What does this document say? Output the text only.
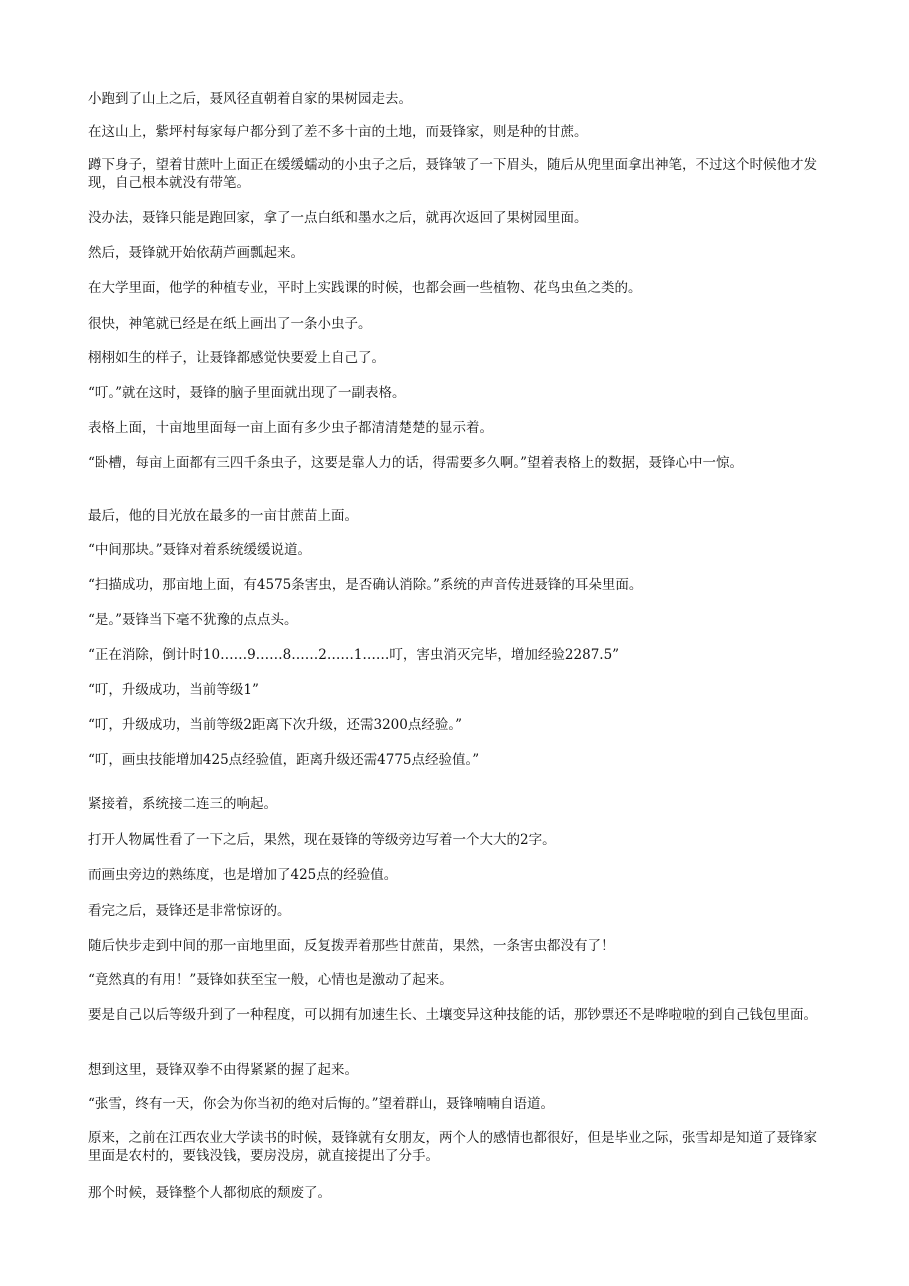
小跑到了山上之后，聂风径直朝着自家的果树园走去。

在这山上，紫坪村每家每户都分到了差不多十亩的土地，而聂锋家，则是种的甘蔗。

蹲下身子，望着甘蔗叶上面正在缓缓蠕动的小虫子之后，聂锋皱了一下眉头，随后从兜里面拿出神笔，不过这个时候他才发现，自己根本就没有带笔。

没办法，聂锋只能是跑回家，拿了一点白纸和墨水之后，就再次返回了果树园里面。

然后，聂锋就开始依葫芦画瓢起来。

在大学里面，他学的种植专业，平时上实践课的时候，也都会画一些植物、花鸟虫鱼之类的。

很快，神笔就已经是在纸上画出了一条小虫子。

栩栩如生的样子，让聂锋都感觉快要爱上自己了。

“叮。”就在这时，聂锋的脑子里面就出现了一副表格。

表格上面，十亩地里面每一亩上面有多少虫子都清清楚楚的显示着。

“卧槽，每亩上面都有三四千条虫子，这要是靠人力的话，得需要多久啊。”望着表格上的数据，聂锋心中一惊。

最后，他的目光放在最多的一亩甘蔗苗上面。

“中间那块。”聂锋对着系统缓缓说道。

“扫描成功，那亩地上面，有4575条害虫，是否确认消除。”系统的声音传进聂锋的耳朵里面。

“是。”聂锋当下毫不犹豫的点点头。

“正在消除，倒计时10……9……8……2……1……叮，害虫消灭完毕，增加经验2287.5”

“叮，升级成功，当前等级1”

“叮，升级成功，当前等级2距离下次升级，还需3200点经验。”

“叮，画虫技能增加425点经验值，距离升级还需4775点经验值。”

紧接着，系统接二连三的响起。

打开人物属性看了一下之后，果然，现在聂锋的等级旁边写着一个大大的2字。

而画虫旁边的熟练度，也是增加了425点的经验值。

看完之后，聂锋还是非常惊讶的。

随后快步走到中间的那一亩地里面，反复拨弄着那些甘蔗苗，果然，一条害虫都没有了！

“竟然真的有用！”聂锋如获至宝一般，心情也是激动了起来。

要是自己以后等级升到了一种程度，可以拥有加速生长、土壤变异这种技能的话，那钞票还不是哗啦啦的到自己钱包里面。

想到这里，聂锋双拳不由得紧紧的握了起来。

“张雪，终有一天，你会为你当初的绝对后悔的。”望着群山，聂锋喃喃自语道。

原来，之前在江西农业大学读书的时候，聂锋就有女朋友，两个人的感情也都很好，但是毕业之际，张雪却是知道了聂锋家里面是农村的，要钱没钱，要房没房，就直接提出了分手。

那个时候，聂锋整个人都彻底的颓废了。
